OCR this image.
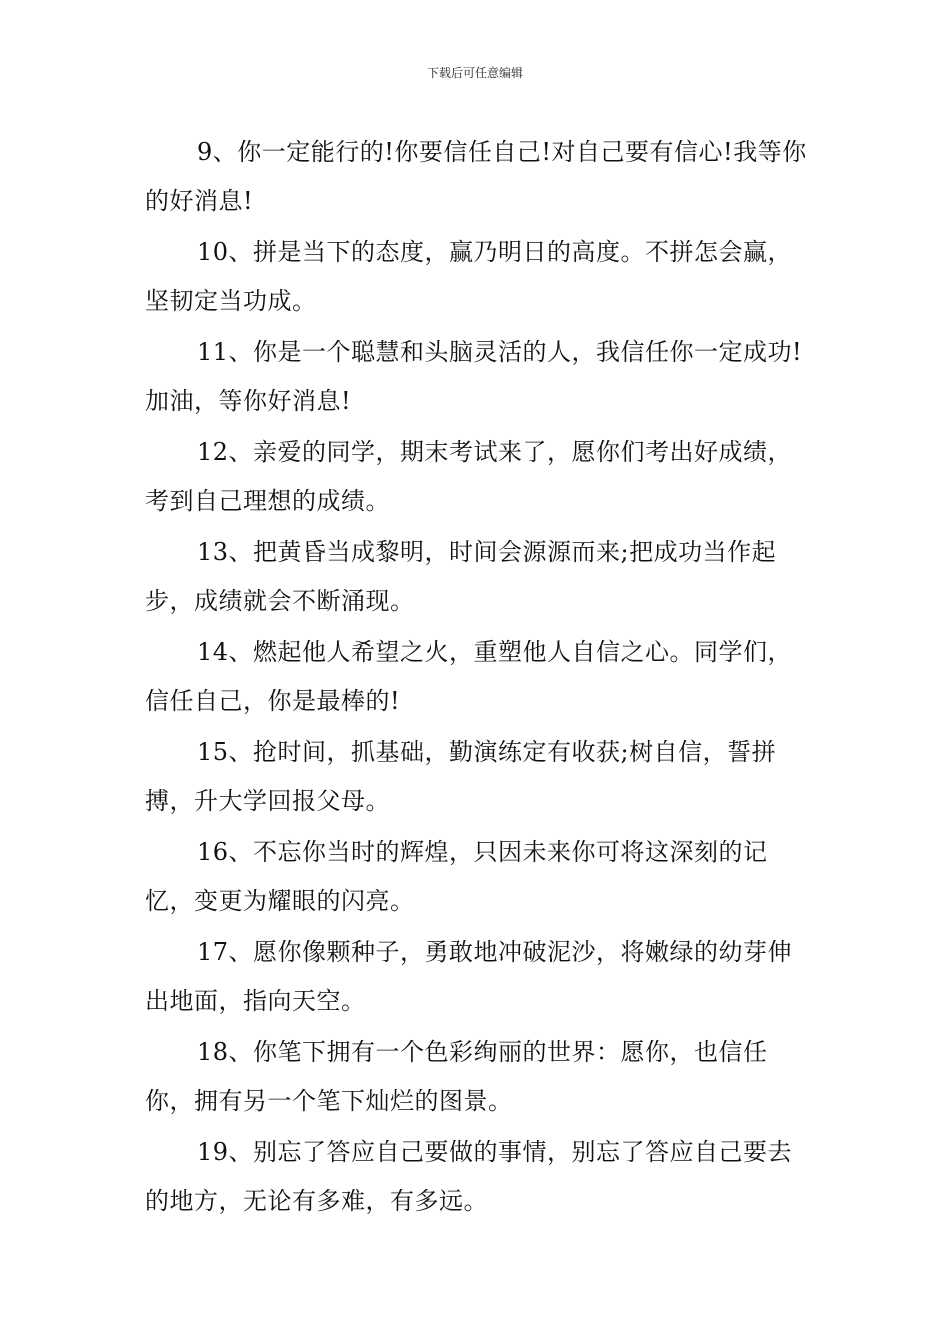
下载后可任意编辑

9、你一定能行的!你要信任自己!对自己要有信心!我等你的好消息!

10、拼是当下的态度，赢乃明日的高度。不拼怎会赢，坚韧定当功成。

11、你是一个聪慧和头脑灵活的人，我信任你一定成功!加油，等你好消息!

12、亲爱的同学，期末考试来了，愿你们考出好成绩，考到自己理想的成绩。

13、把黄昏当成黎明，时间会源源而来;把成功当作起步，成绩就会不断涌现。

14、燃起他人希望之火，重塑他人自信之心。同学们，信任自己，你是最棒的!

15、抢时间，抓基础，勤演练定有收获;树自信，誓拼搏，升大学回报父母。

16、不忘你当时的辉煌，只因未来你可将这深刻的记忆，变更为耀眼的闪亮。

17、愿你像颗种子，勇敢地冲破泥沙，将嫩绿的幼芽伸出地面，指向天空。

18、你笔下拥有一个色彩绚丽的世界：愿你，也信任你，拥有另一个笔下灿烂的图景。

19、别忘了答应自己要做的事情，别忘了答应自己要去的地方，无论有多难，有多远。
